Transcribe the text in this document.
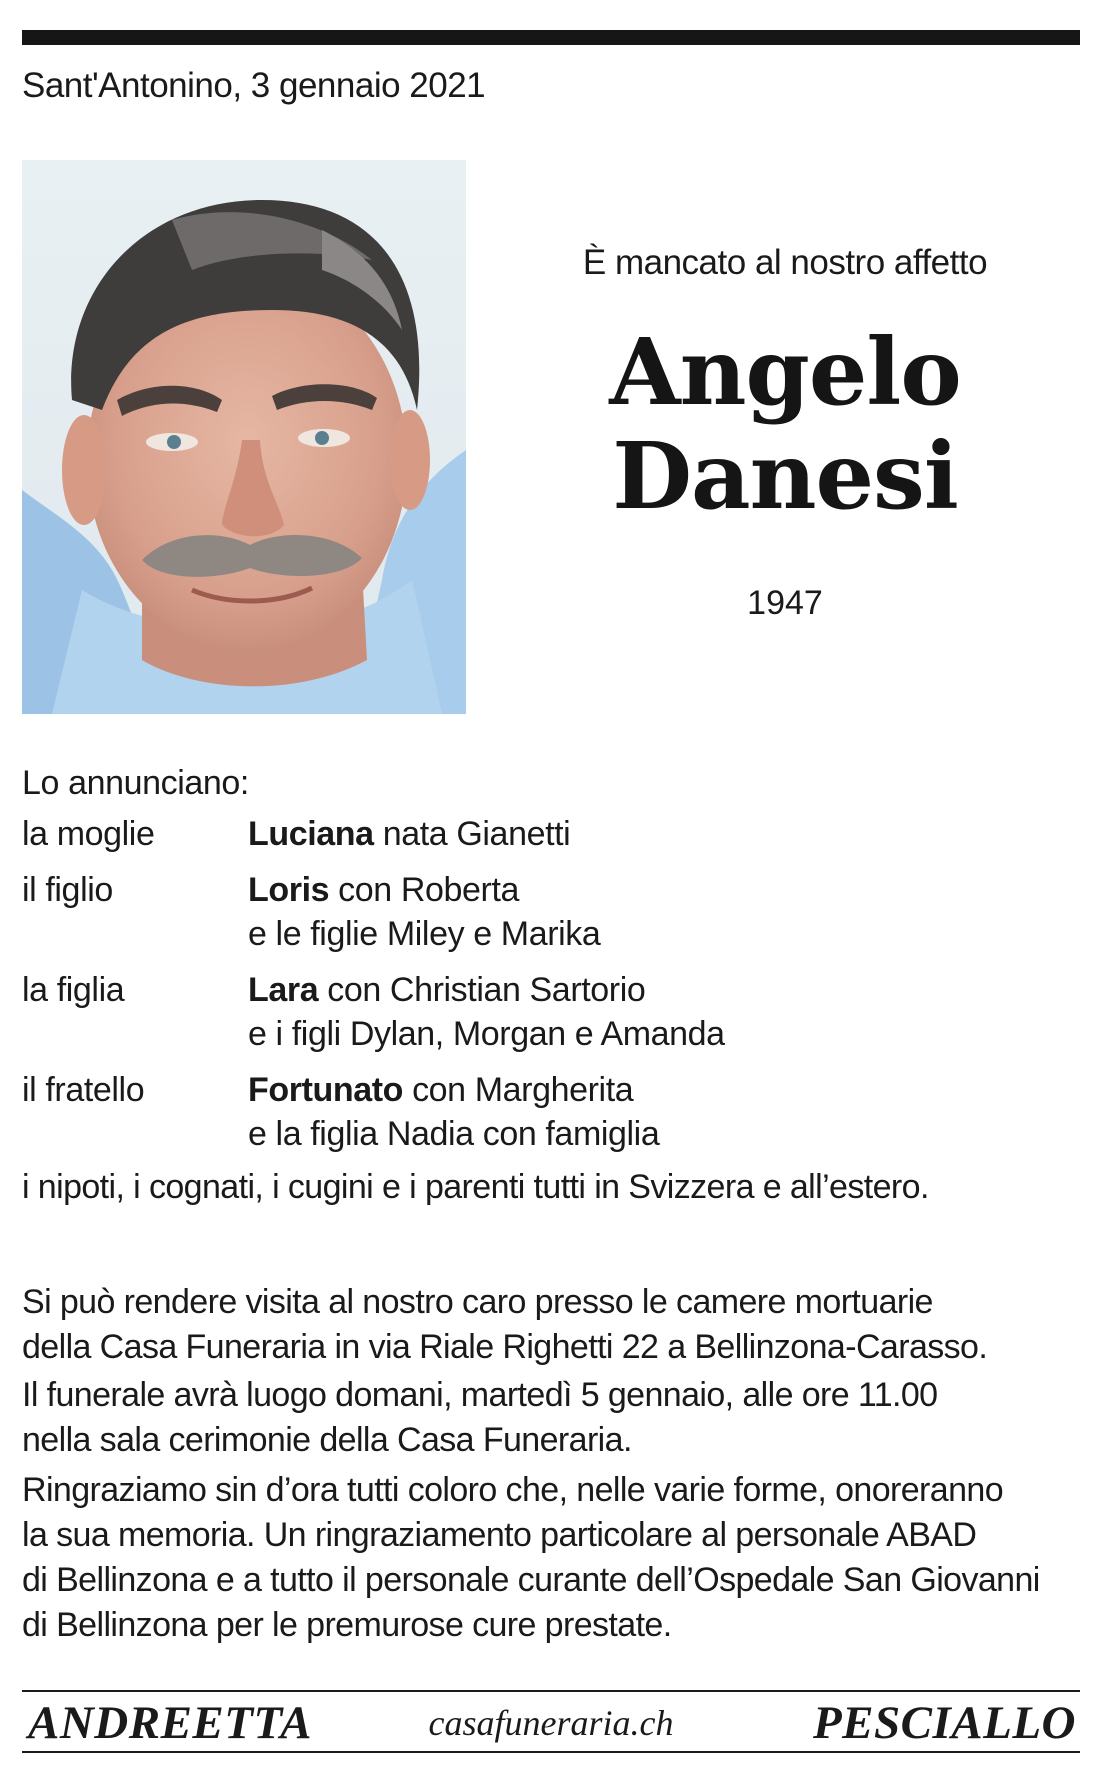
Sant'Antonino, 3 gennaio 2021
È mancato al nostro affetto
Angelo
Danesi
1947
Lo annunciano:
la moglie	Luciana nata Gianetti
il figlio	Loris con Roberta
e le figlie Miley e Marika
la figlia	Lara con Christian Sartorio
e i figli Dylan, Morgan e Amanda
il fratello	Fortunato con Margherita
e la figlia Nadia con famiglia
i nipoti, i cognati, i cugini e i parenti tutti in Svizzera e all’estero.
Si può rendere visita al nostro caro presso le camere mortuarie
della Casa Funeraria in via Riale Righetti 22 a Bellinzona-Carasso.
Il funerale avrà luogo domani, martedì 5 gennaio, alle ore 11.00
nella sala cerimonie della Casa Funeraria.
Ringraziamo sin d’ora tutti coloro che, nelle varie forme, onoreranno
la sua memoria. Un ringraziamento particolare al personale ABAD
di Bellinzona e a tutto il personale curante dell’Ospedale San Giovanni
di Bellinzona per le premurose cure prestate.
ANDREETTA	casafuneraria.ch	PESCIALLO
